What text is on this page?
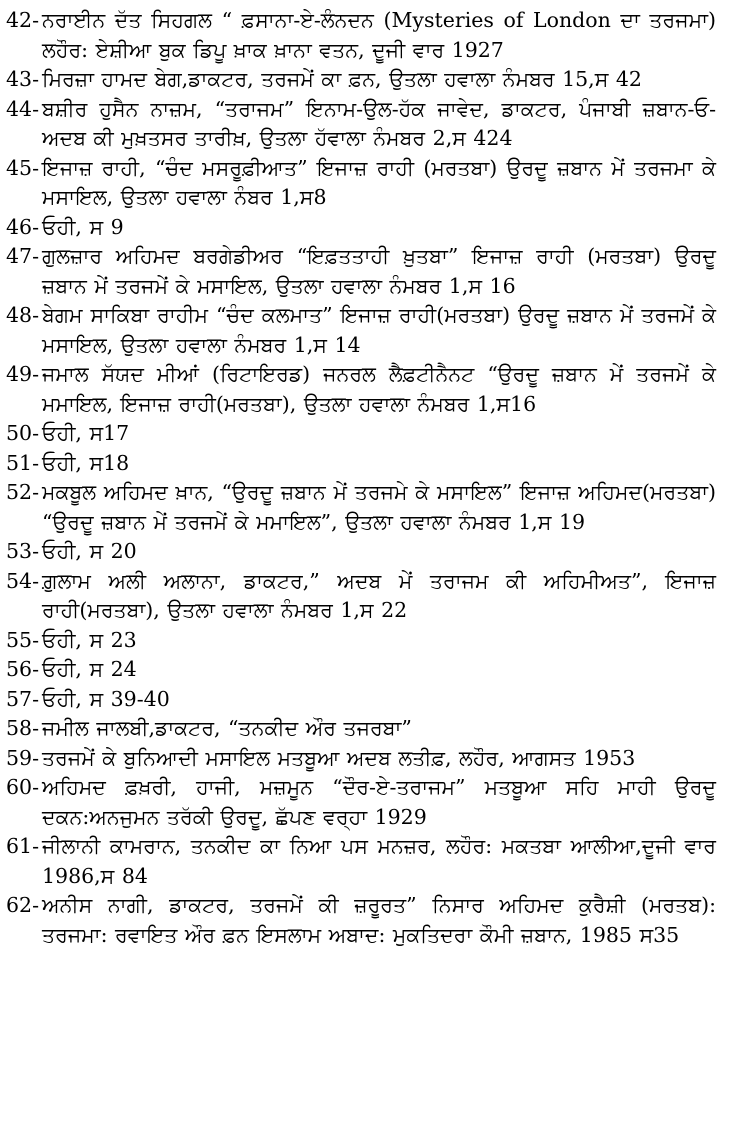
42- ਨਰਾਈਨ ਦੱਤ ਸਿਹਗਲ “ ਫ਼ਸਾਨਾ-ਏ-ਲੰਨਦਨ (Mysteries of London ਦਾ ਤਰਜਮਾ) ਲਹੌਰ: ਏਸ਼ੀਆ ਬੁਕ ਡਿਪੂ ਖ਼ਾਕ ਖ਼ਾਨਾ ਵਤਨ, ਦੂਜੀ ਵਾਰ 1927
43- ਮਿਰਜ਼ਾ ਹਾਮਦ ਬੇਗ,ਡਾਕਟਰ, ਤਰਜਮੇਂ ਕਾ ਫ਼ਨ, ਉਤਲਾ ਹਵਾਲਾ ਨੰਮਬਰ 15,ਸ 42
44- ਬਸ਼ੀਰ ਹੁਸੈਨ ਨਾਜ਼ਮ, “ਤਰਾਜਮ” ਇਨਾਮ-ਉਲ-ਹੱਕ ਜਾਵੇਦ, ਡਾਕਟਰ, ਪੰਜਾਬੀ ਜ਼ਬਾਨ-ਓ-ਅਦਬ ਕੀ ਮੁਖ਼ਤਸਰ ਤਾਰੀਖ਼, ਉਤਲਾ ਹੱਵਾਲਾ ਨੰਮਬਰ 2,ਸ 424
45- ਇਜਾਜ਼ ਰਾਹੀ, “ਚੰਦ ਮਸਰੂਫ਼ੀਆਤ” ਇਜਾਜ਼ ਰਾਹੀ (ਮਰਤਬਾ) ਉਰਦੂ ਜ਼ਬਾਨ ਮੇਂ ਤਰਜਮਾ ਕੇ ਮਸਾਇਲ, ਉਤਲਾ ਹਵਾਲਾ ਨੰਬਰ 1,ਸ8
46- ਓਹੀ, ਸ 9
47- ਗੁਲਜ਼ਾਰ ਅਹਿਮਦ ਬਰਗੇਡੀਅਰ “ਇਫ਼ਤਤਾਹੀ ਖ਼ੁਤਬਾ” ਇਜਾਜ਼ ਰਾਹੀ (ਮਰਤਬਾ) ਉਰਦੂ ਜ਼ਬਾਨ ਮੇਂ ਤਰਜਮੇਂ ਕੇ ਮਸਾਇਲ, ਉਤਲਾ ਹਵਾਲਾ ਨੰਮਬਰ 1,ਸ 16
48- ਬੇਗਮ ਸਾਕਿਬਾ ਰਾਹੀਮ “ਚੰਦ ਕਲਮਾਤ” ਇਜਾਜ਼ ਰਾਹੀ(ਮਰਤਬਾ) ਉਰਦੂ ਜ਼ਬਾਨ ਮੇਂ ਤਰਜਮੇਂ ਕੇ ਮਸਾਇਲ, ਉਤਲਾ ਹਵਾਲਾ ਨੰਮਬਰ 1,ਸ 14
49- ਜਮਾਲ ਸੱਯਦ ਮੀਆਂ (ਰਿਟਾਇਰਡ) ਜਨਰਲ ਲੈਫ਼ਟੀਨੈਨਟ “ਉਰਦੂ ਜ਼ਬਾਨ ਮੇਂ ਤਰਜਮੇਂ ਕੇ ਮਮਾਇਲ, ਇਜਾਜ਼ ਰਾਹੀ(ਮਰਤਬਾ), ਉਤਲਾ ਹਵਾਲਾ ਨੰਮਬਰ 1,ਸ16
50- ਓਹੀ, ਸ17
51- ਓਹੀ, ਸ18
52- ਮਕਬੂਲ ਅਹਿਮਦ ਖ਼ਾਨ, “ਉਰਦੂ ਜ਼ਬਾਨ ਮੇਂ ਤਰਜਮੇ ਕੇ ਮਸਾਇਲ” ਇਜਾਜ਼ ਅਹਿਮਦ(ਮਰਤਬਾ) “ਉਰਦੂ ਜ਼ਬਾਨ ਮੇਂ ਤਰਜਮੇਂ ਕੇ ਮਮਾਇਲ”, ਉਤਲਾ ਹਵਾਲਾ ਨੰਮਬਰ 1,ਸ 19
53- ਓਹੀ, ਸ 20
54- ਗ਼ੁਲਾਮ ਅਲੀ ਅਲਾਨਾ, ਡਾਕਟਰ,” ਅਦਬ ਮੇਂ ਤਰਾਜਮ ਕੀ ਅਹਿਮੀਅਤ”, ਇਜਾਜ਼ ਰਾਹੀ(ਮਰਤਬਾ), ਉਤਲਾ ਹਵਾਲਾ ਨੰਮਬਰ 1,ਸ 22
55- ਓਹੀ, ਸ 23
56- ਓਹੀ, ਸ 24
57- ਓਹੀ, ਸ 39-40
58- ਜਮੀਲ ਜਾਲਬੀ,ਡਾਕਟਰ, “ਤਨਕੀਦ ਔਰ ਤਜਰਬਾ”
59- ਤਰਜਮੇਂ ਕੇ ਬੁਨਿਆਦੀ ਮਸਾਇਲ ਮਤਬੂਆ ਅਦਬ ਲਤੀਫ਼, ਲਹੌਰ, ਆਗਸਤ 1953
60- ਅਹਿਮਦ ਫ਼ਖ਼ਰੀ, ਹਾਜੀ, ਮਜ਼ਮੂਨ “ਦੌਰ-ਏ-ਤਰਾਜਮ” ਮਤਬੂਆ ਸਹਿ ਮਾਹੀ ਉਰਦੂ ਦਕਨ:ਅਨਜੁਮਨ ਤਰੱਕੀ ਉਰਦੂ, ਛੱਪਣ ਵਰ੍ਹਾ 1929
61- ਜੀਲਾਨੀ ਕਾਮਰਾਨ, ਤਨਕੀਦ ਕਾ ਨਿਆ ਪਸ ਮਨਜ਼ਰ, ਲਹੌਰ: ਮਕਤਬਾ ਆਲੀਆ,ਦੂਜੀ ਵਾਰ 1986,ਸ 84
62- ਅਨੀਸ ਨਾਗੀ, ਡਾਕਟਰ, ਤਰਜਮੇਂ ਕੀ ਜ਼ਰੂਰਤ” ਨਿਸਾਰ ਅਹਿਮਦ ਕੁਰੈਸ਼ੀ (ਮਰਤਬ): ਤਰਜਮਾ: ਰਵਾਇਤ ਔਰ ਫ਼ਨ ਇਸਲਾਮ ਅਬਾਦ: ਮੁਕਤਿਦਰਾ ਕੌਮੀ ਜ਼ਬਾਨ, 1985 ਸ35
